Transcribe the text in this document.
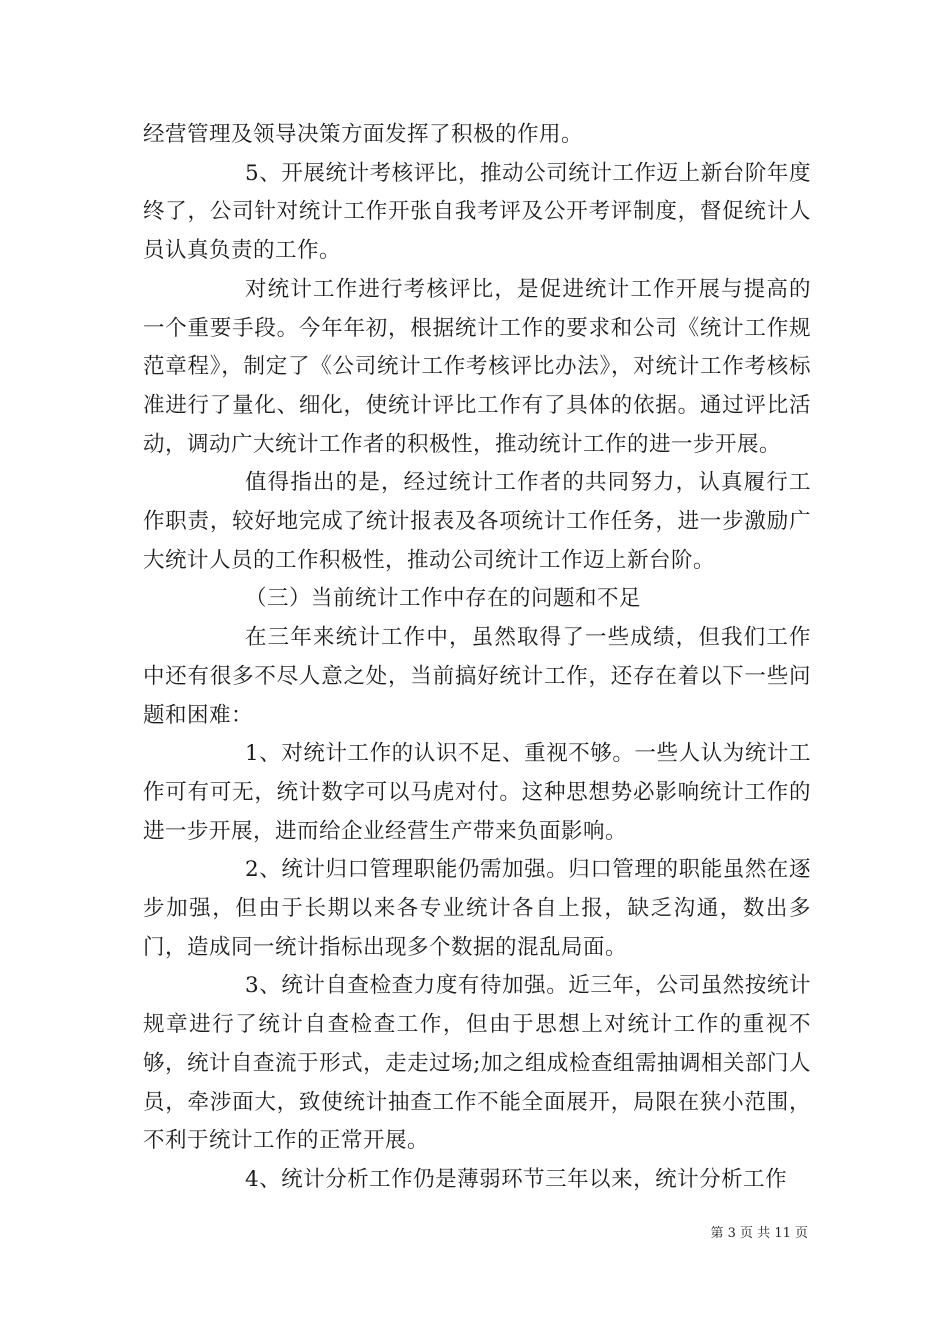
经营管理及领导决策方面发挥了积极的作用。

5、开展统计考核评比，推动公司统计工作迈上新台阶年度终了，公司针对统计工作开张自我考评及公开考评制度，督促统计人员认真负责的工作。

对统计工作进行考核评比，是促进统计工作开展与提高的一个重要手段。今年年初，根据统计工作的要求和公司《统计工作规范章程》，制定了《公司统计工作考核评比办法》，对统计工作考核标准进行了量化、细化，使统计评比工作有了具体的依据。通过评比活动，调动广大统计工作者的积极性，推动统计工作的进一步开展。

值得指出的是，经过统计工作者的共同努力，认真履行工作职责，较好地完成了统计报表及各项统计工作任务，进一步激励广大统计人员的工作积极性，推动公司统计工作迈上新台阶。

（三）当前统计工作中存在的问题和不足

在三年来统计工作中，虽然取得了一些成绩，但我们工作中还有很多不尽人意之处，当前搞好统计工作，还存在着以下一些问题和困难：

1、对统计工作的认识不足、重视不够。一些人认为统计工作可有可无，统计数字可以马虎对付。这种思想势必影响统计工作的进一步开展，进而给企业经营生产带来负面影响。

2、统计归口管理职能仍需加强。归口管理的职能虽然在逐步加强，但由于长期以来各专业统计各自上报，缺乏沟通，数出多门，造成同一统计指标出现多个数据的混乱局面。

3、统计自查检查力度有待加强。近三年，公司虽然按统计规章进行了统计自查检查工作，但由于思想上对统计工作的重视不够，统计自查流于形式，走走过场;加之组成检查组需抽调相关部门人员，牵涉面大，致使统计抽查工作不能全面展开，局限在狭小范围，不利于统计工作的正常开展。

4、统计分析工作仍是薄弱环节三年以来，统计分析工作

第 3 页 共 11 页
